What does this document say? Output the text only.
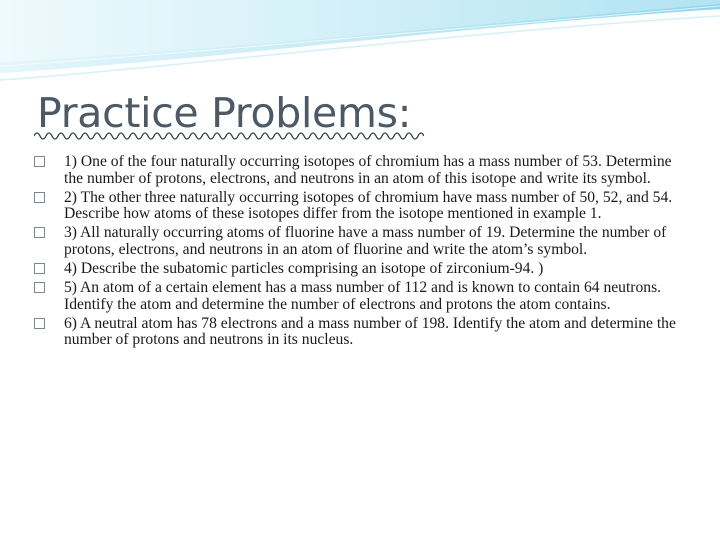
Practice Problems:
1) One of the four naturally occurring isotopes of chromium has a mass number of 53. Determine the number of protons, electrons, and neutrons in an atom of this isotope and write its symbol.
2) The other three naturally occurring isotopes of chromium have mass number of 50, 52, and 54. Describe how atoms of these isotopes differ from the isotope mentioned in example 1.
3) All naturally occurring atoms of fluorine have a mass number of 19. Determine the number of protons, electrons, and neutrons in an atom of fluorine and write the atom’s symbol.
4) Describe the subatomic particles comprising an isotope of zirconium-94. )
5) An atom of a certain element has a mass number of 112 and is known to contain 64 neutrons. Identify the atom and determine the number of electrons and protons the atom contains.
6) A neutral atom has 78 electrons and a mass number of 198. Identify the atom and determine the number of protons and neutrons in its nucleus.
